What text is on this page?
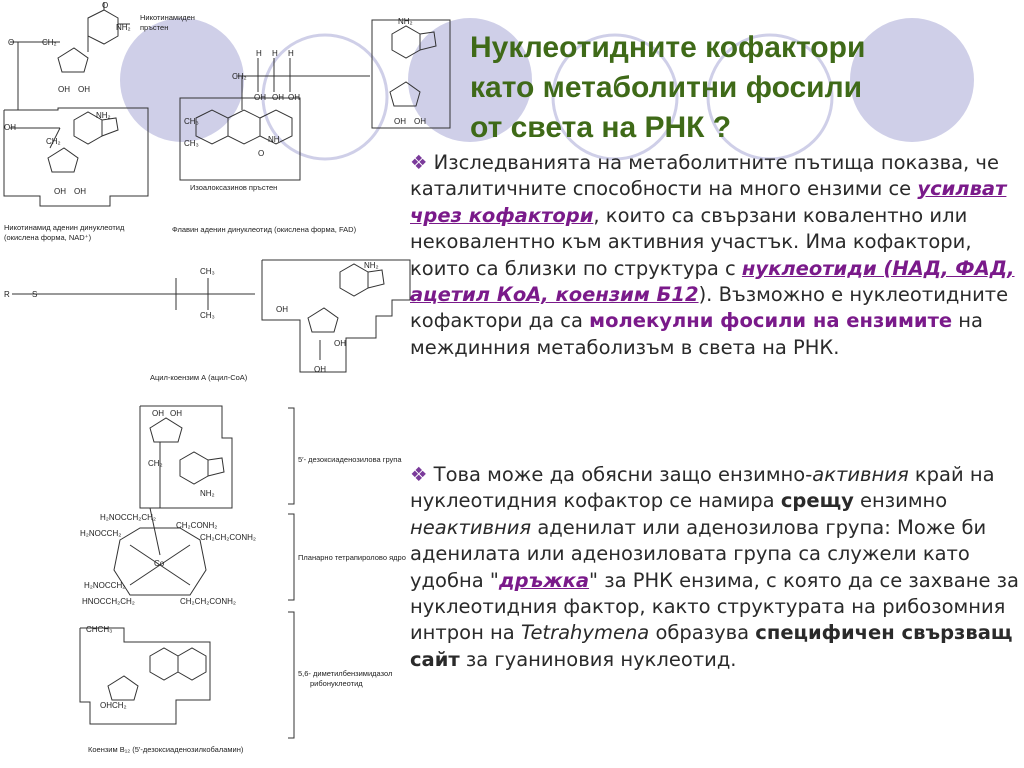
O
NH₂
O	CH₂
OH OH
NH₂
OH
CH₂
OH OH
H H H
CH₂
OH OH OH
CH₃
CH₃	NH
O
NH₂
OH OH
R	S
CH₃
CH₃
NH₂
OH
OH
OH
OH OH
CH₂
NH₂
H₂NOCCH₂CH₂
CH₂CONH₂
H₂NOCCH₂	CH₂CH₂CONH₂
Co
H₂NOCCH₂
HNOCCH₂CH₂	CH₂CH₂CONH₂
CHCH₃
OHCH₂
Никотинамиден
пръстен
Изоалоксазинов пръстен
Никотинамид аденин динуклеотид
(окислена форма, NAD⁺)
Флавин аденин динуклеотид (окислена форма, FAD)
Ацил-коензим А (ацил-CoA)
5′- дезоксиаденозилова група
Планарно тетрапиролово ядро
5,6- диметилбензимидазол
рибонуклеотид
Коензим B₁₂ (5′-дезоксиаденозилкобаламин)
Нуклеотидните кофактори
като метаболитни фосили
от света на РНК ?

❖ Изследванията на метаболитните пътища показва, че каталитичните способности на много ензими се усилват чрез кофактори, които са свързани ковалентно или нековалентно към активния участък. Има кофактори, които са близки по структура с нуклеотиди (НАД, ФАД, ацетил КоА, коензим Б12). Възможно е нуклеотидните кофактори да са молекулни фосили на ензимите на междинния метаболизъм в света на РНК.

❖ Това може да обясни защо ензимно-активния край на нуклеотидния кофактор се намира срещу ензимно неактивния аденилат или аденозилова група: Може би аденилата или аденозиловата група са служели като удобна "дръжка" за РНК ензима, с която да се захване за нуклеотидния фактор, както структурата на рибозомния интрон на Tetrahymena образува специфичен свързващ сайт за гуаниновия нуклеотид.
